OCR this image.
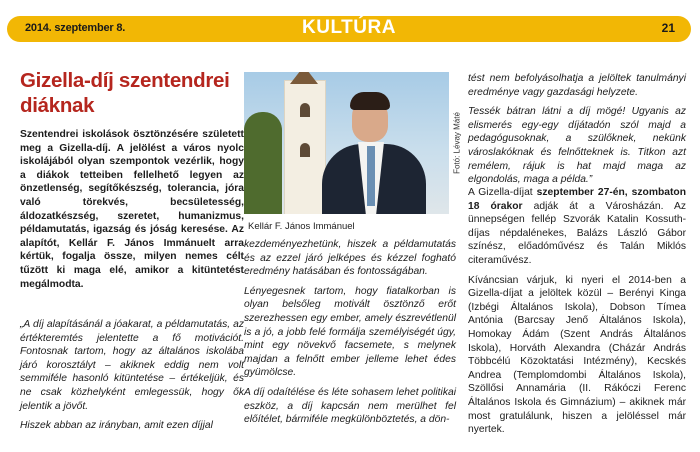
2014. szeptember 8.	KULTÚRA	21
Gizella-díj szentendrei diáknak

Szentendrei iskolások ösztönzésére született meg a Gizella-díj. A jelölést a város nyolc iskolájából olyan szempontok vezérlik, hogy a diákok tetteiben fellelhető legyen az önzetlenség, segítőkészség, tolerancia, jóra való törekvés, becsületesség, áldozatkészség, szeretet, humanizmus, példamutatás, igazság és jóság keresése. Az alapítót, Kellár F. János Immánuelt arra kértük, fogalja össze, milyen nemes célt tűzött ki maga elé, amikor a kitüntetést megálmodta.

„A díj alapításánál a jóakarat, a példamutatás, az értékteremtés jelentette a fő motivációt. Fontosnak tartom, hogy az általános iskolába járó korosztályt – akiknek eddig nem volt semmiféle hasonló kitüntetése – értékeljük, és ne csak közhelyként emlegessük, hogy ők jelentik a jövőt.

Hiszek abban az irányban, amit ezen díjjal

Fotó: Lévay Máté
Kellár F. János Immánuel

kezdeményezhetünk, hiszek a példamutatás és az ezzel járó jelképes és kézzel fogható eredmény hatásában és fontosságában.

Lényegesnek tartom, hogy fiatalkorban is olyan belsőleg motivált ösztönző erőt szerezhessen egy ember, amely észrevétlenül is a jó, a jobb felé formálja személyiségét úgy, mint egy növekvő facsemete, s melynek majdan a felnőtt ember jelleme lehet édes gyümölcse.

A díj odaítélése és léte sohasem lehet politikai eszköz, a díj kapcsán nem merülhet fel előítélet, bármiféle megkülönböztetés, a dön-

tést nem befolyásolhatja a jelöltek tanulmányi eredménye vagy gazdasági helyzete.

Tessék bátran látni a díj mögé! Ugyanis az elismerés egy-egy díjátadón szól majd a pedagógusoknak, a szülőknek, nekünk városlakóknak és felnőtteknek is. Titkon azt remélem, rájuk is hat majd maga az elgondolás, maga a példa.”

A Gizella-díjat szeptember 27-én, szombaton 18 órakor adják át a Városházán. Az ünnepségen fellép Szvorák Katalin Kossuth-díjas népdalénekes, Balázs László Gábor színész, előadóművész és Talán Miklós citeraművész.

Kíváncsian várjuk, ki nyeri el 2014-ben a Gizella-díjat a jelöltek közül – Berényi Kinga (Izbégi Általános Iskola), Dobson Tímea Antónia (Barcsay Jenő Általános Iskola), Homokay Ádám (Szent András Általános Iskola), Horváth Alexandra (Cházár András Többcélú Közoktatási Intézmény), Kecskés Andrea (Templomdombi Általános Iskola), Szöllősi Annamária (II. Rákóczi Ferenc Általános Iskola és Gimnázium) – akiknek már most gratulálunk, hiszen a jelöléssel már nyertek.
